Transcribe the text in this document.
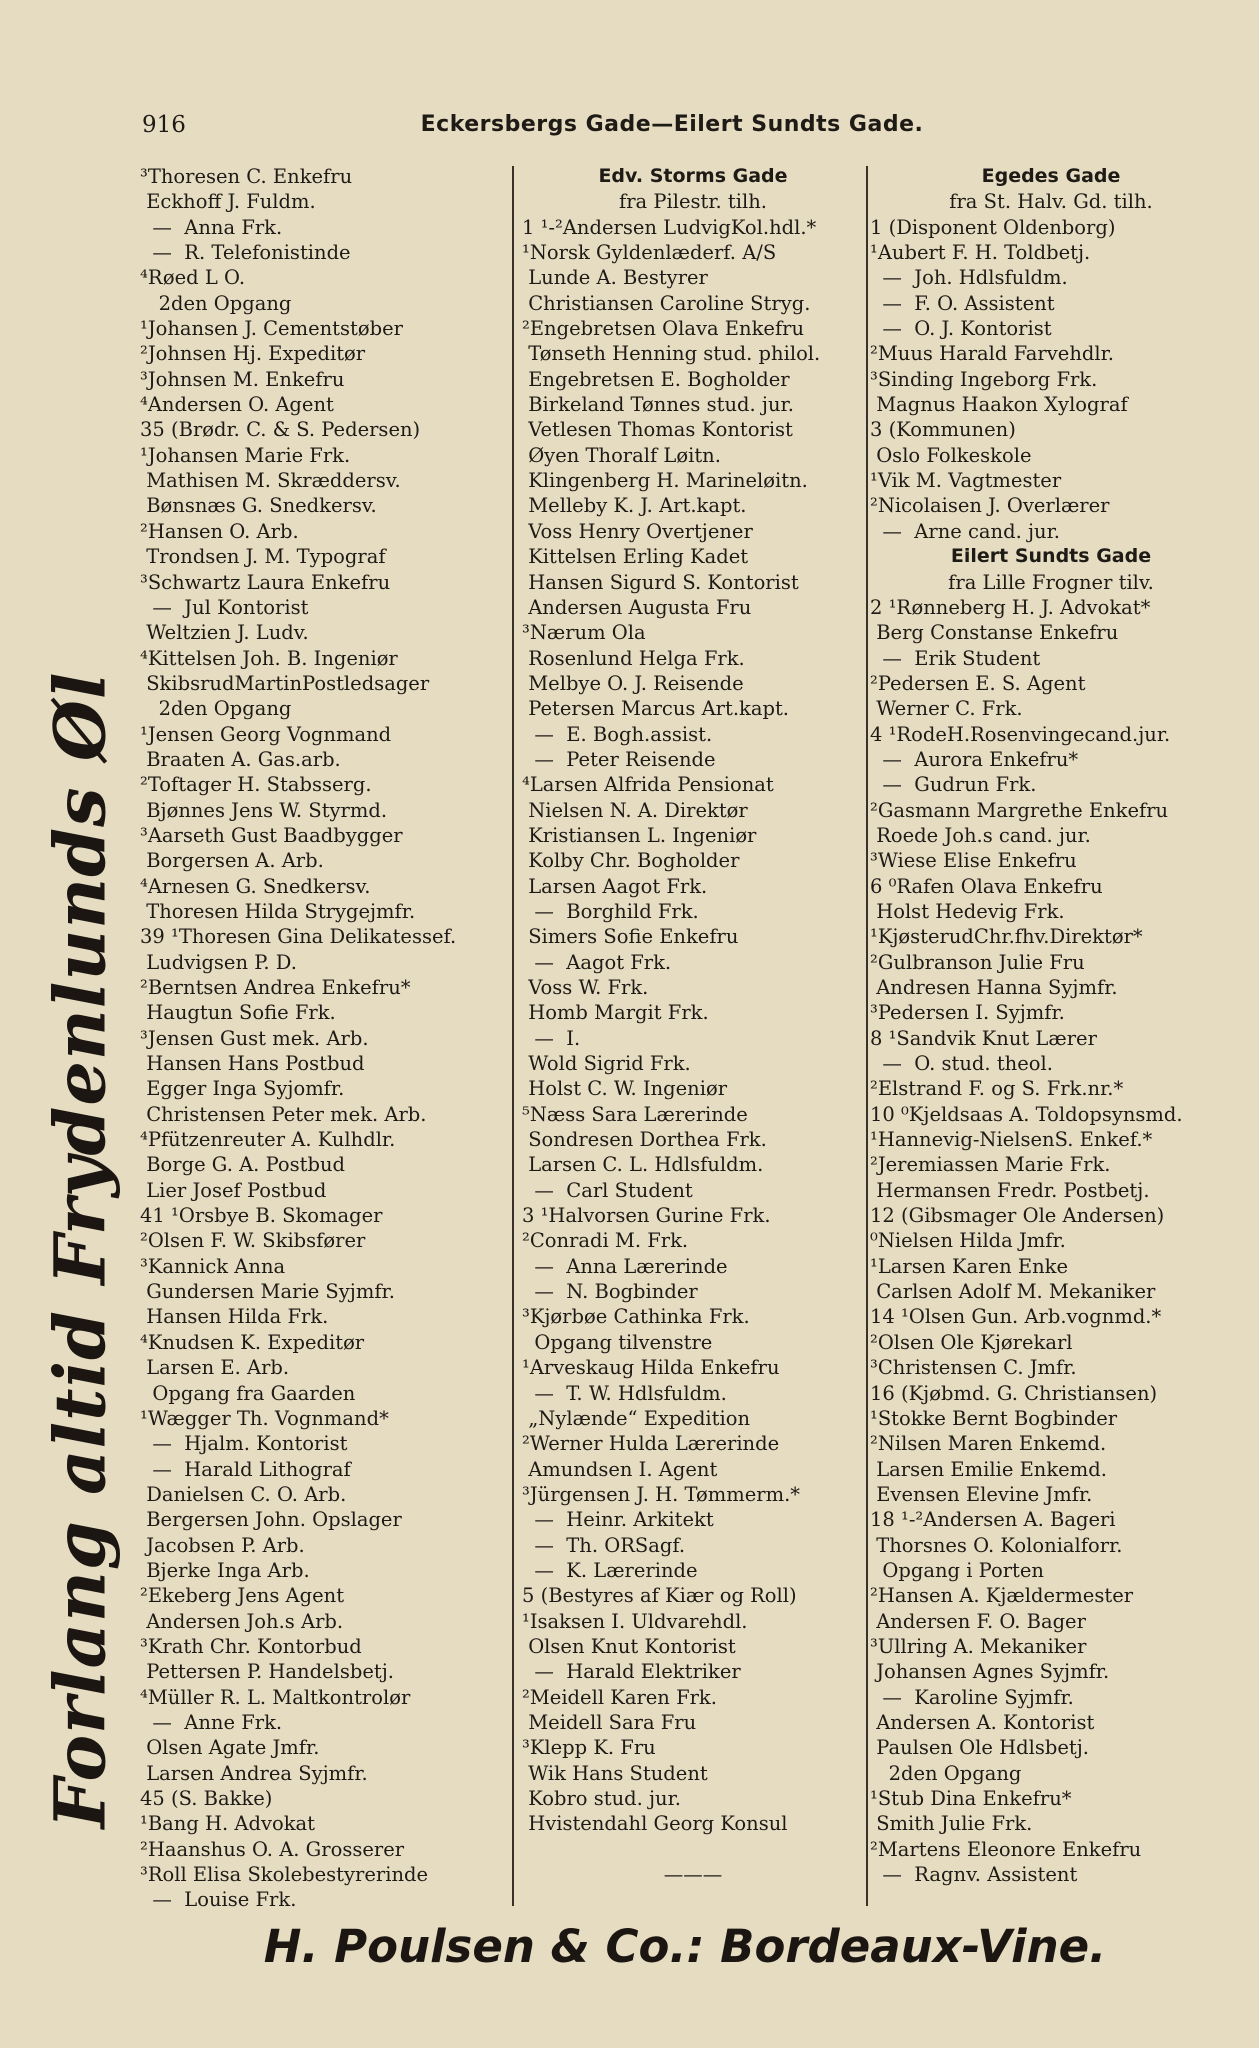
916	Eckersbergs Gade—Eilert Sundts Gade.
Forlang altid Frydenlunds Øl
³Thoresen C. Enkefru
Eckhoff J. Fuldm.
—  Anna Frk.
—  R. Telefonistinde
⁴Røed L O.
2den Opgang
¹Johansen J. Cementstøber
²Johnsen Hj. Expeditør
³Johnsen M. Enkefru
⁴Andersen O. Agent
35 (Brødr. C. & S. Pedersen)
¹Johansen Marie Frk.
Mathisen M. Skræddersv.
Bønsnæs G. Snedkersv.
²Hansen O. Arb.
Trondsen J. M. Typograf
³Schwartz Laura Enkefru
—  Jul Kontorist
Weltzien J. Ludv.
⁴Kittelsen Joh. B. Ingeniør
SkibsrudMartinPostledsager
2den Opgang
¹Jensen Georg Vognmand
Braaten A. Gas.arb.
²Toftager H. Stabsserg.
Bjønnes Jens W. Styrmd.
³Aarseth Gust Baadbygger
Borgersen A. Arb.
⁴Arnesen G. Snedkersv.
Thoresen Hilda Strygejmfr.
39 ¹Thoresen Gina Delikatessef.
Ludvigsen P. D.
²Berntsen Andrea Enkefru*
Haugtun Sofie Frk.
³Jensen Gust mek. Arb.
Hansen Hans Postbud
Egger Inga Syjomfr.
Christensen Peter mek. Arb.
⁴Pfützenreuter A. Kulhdlr.
Borge G. A. Postbud
Lier Josef Postbud
41 ¹Orsbye B. Skomager
²Olsen F. W. Skibsfører
³Kannick Anna
Gundersen Marie Syjmfr.
Hansen Hilda Frk.
⁴Knudsen K. Expeditør
Larsen E. Arb.
Opgang fra Gaarden
¹Wægger Th. Vognmand*
—  Hjalm. Kontorist
—  Harald Lithograf
Danielsen C. O. Arb.
Bergersen John. Opslager
Jacobsen P. Arb.
Bjerke Inga Arb.
²Ekeberg Jens Agent
Andersen Joh.s Arb.
³Krath Chr. Kontorbud
Pettersen P. Handelsbetj.
⁴Müller R. L. Maltkontrolør
—  Anne Frk.
Olsen Agate Jmfr.
Larsen Andrea Syjmfr.
45 (S. Bakke)
¹Bang H. Advokat
²Haanshus O. A. Grosserer
³Roll Elisa Skolebestyrerinde
—  Louise Frk.
Edv. Storms Gade
fra Pilestr. tilh.
1 ¹-²Andersen LudvigKol.hdl.*
¹Norsk Gyldenlæderf. A/S
Lunde A. Bestyrer
Christiansen Caroline Stryg.
²Engebretsen Olava Enkefru
Tønseth Henning stud. philol.
Engebretsen E. Bogholder
Birkeland Tønnes stud. jur.
Vetlesen Thomas Kontorist
Øyen Thoralf Løitn.
Klingenberg H. Marineløitn.
Melleby K. J. Art.kapt.
Voss Henry Overtjener
Kittelsen Erling Kadet
Hansen Sigurd S. Kontorist
Andersen Augusta Fru
³Nærum Ola
Rosenlund Helga Frk.
Melbye O. J. Reisende
Petersen Marcus Art.kapt.
—  E. Bogh.assist.
—  Peter Reisende
⁴Larsen Alfrida Pensionat
Nielsen N. A. Direktør
Kristiansen L. Ingeniør
Kolby Chr. Bogholder
Larsen Aagot Frk.
—  Borghild Frk.
Simers Sofie Enkefru
—  Aagot Frk.
Voss W. Frk.
Homb Margit Frk.
—  I.
Wold Sigrid Frk.
Holst C. W. Ingeniør
⁵Næss Sara Lærerinde
Sondresen Dorthea Frk.
Larsen C. L. Hdlsfuldm.
—  Carl Student
3 ¹Halvorsen Gurine Frk.
²Conradi M. Frk.
—  Anna Lærerinde
—  N. Bogbinder
³Kjørbøe Cathinka Frk.
Opgang tilvenstre
¹Arveskaug Hilda Enkefru
—  T. W. Hdlsfuldm.
„Nylænde“ Expedition
²Werner Hulda Lærerinde
Amundsen I. Agent
³Jürgensen J. H. Tømmerm.*
—  Heinr. Arkitekt
—  Th. ORSagf.
—  K. Lærerinde
5 (Bestyres af Kiær og Roll)
¹Isaksen I. Uldvarehdl.
Olsen Knut Kontorist
—  Harald Elektriker
²Meidell Karen Frk.
Meidell Sara Fru
³Klepp K. Fru
Wik Hans Student
Kobro stud. jur.
Hvistendahl Georg Konsul
———
Egedes Gade
fra St. Halv. Gd. tilh.
1 (Disponent Oldenborg)
¹Aubert F. H. Toldbetj.
—  Joh. Hdlsfuldm.
—  F. O. Assistent
—  O. J. Kontorist
²Muus Harald Farvehdlr.
³Sinding Ingeborg Frk.
Magnus Haakon Xylograf
3 (Kommunen)
Oslo Folkeskole
¹Vik M. Vagtmester
²Nicolaisen J. Overlærer
—  Arne cand. jur.
Eilert Sundts Gade
fra Lille Frogner tilv.
2 ¹Rønneberg H. J. Advokat*
Berg Constanse Enkefru
—  Erik Student
²Pedersen E. S. Agent
Werner C. Frk.
4 ¹RodeH.Rosenvingecand.jur.
—  Aurora Enkefru*
—  Gudrun Frk.
²Gasmann Margrethe Enkefru
Roede Joh.s cand. jur.
³Wiese Elise Enkefru
6 ⁰Rafen Olava Enkefru
Holst Hedevig Frk.
¹KjøsterudChr.fhv.Direktør*
²Gulbranson Julie Fru
Andresen Hanna Syjmfr.
³Pedersen I. Syjmfr.
8 ¹Sandvik Knut Lærer
—  O. stud. theol.
²Elstrand F. og S. Frk.nr.*
10 ⁰Kjeldsaas A. Toldopsynsmd.
¹Hannevig-NielsenS. Enkef.*
²Jeremiassen Marie Frk.
Hermansen Fredr. Postbetj.
12 (Gibsmager Ole Andersen)
⁰Nielsen Hilda Jmfr.
¹Larsen Karen Enke
Carlsen Adolf M. Mekaniker
14 ¹Olsen Gun. Arb.vognmd.*
²Olsen Ole Kjørekarl
³Christensen C. Jmfr.
16 (Kjøbmd. G. Christiansen)
¹Stokke Bernt Bogbinder
²Nilsen Maren Enkemd.
Larsen Emilie Enkemd.
Evensen Elevine Jmfr.
18 ¹-²Andersen A. Bageri
Thorsnes O. Kolonialforr.
Opgang i Porten
²Hansen A. Kjældermester
Andersen F. O. Bager
³Ullring A. Mekaniker
Johansen Agnes Syjmfr.
—  Karoline Syjmfr.
Andersen A. Kontorist
Paulsen Ole Hdlsbetj.
2den Opgang
¹Stub Dina Enkefru*
Smith Julie Frk.
²Martens Eleonore Enkefru
—  Ragnv. Assistent
H. Poulsen & Co.: Bordeaux-Vine.
